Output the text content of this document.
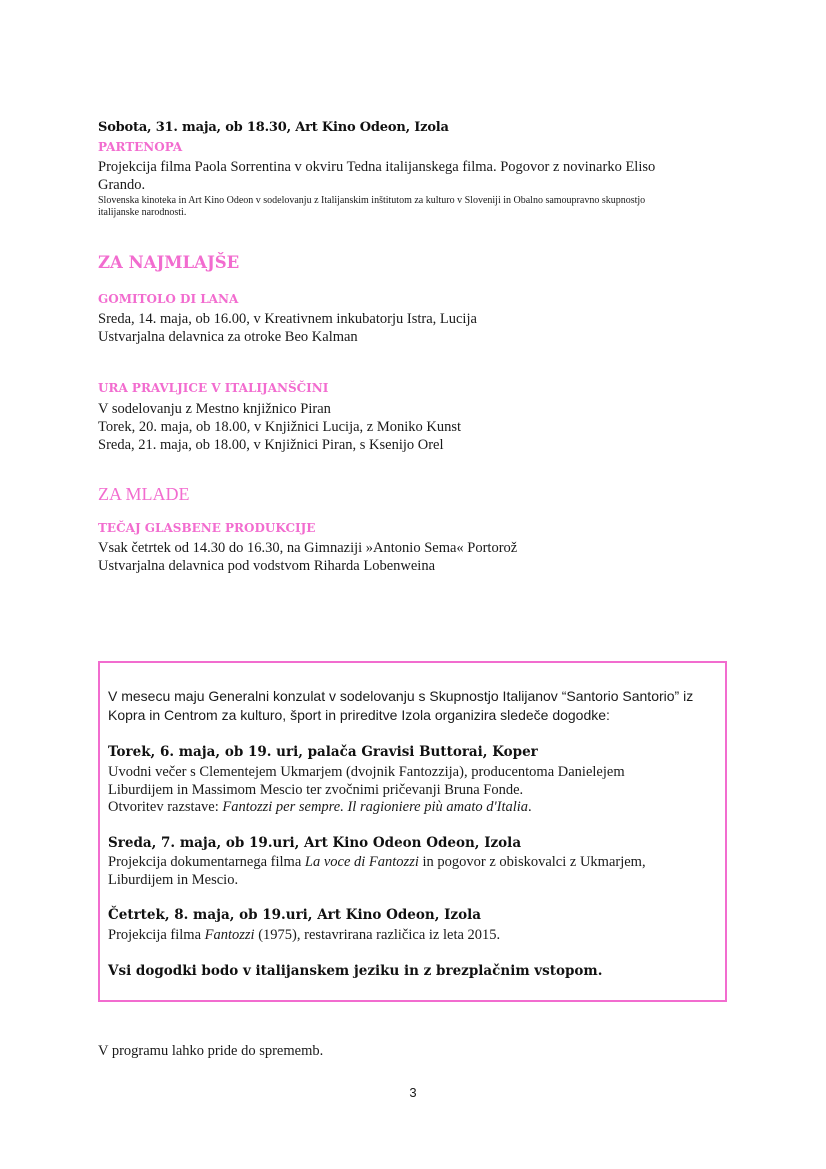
Sobota, 31. maja, ob 18.30, Art Kino Odeon, Izola

PARTENOPA

Projekcija filma Paola Sorrentina v okviru Tedna italijanskega filma. Pogovor z novinarko Eliso

Grando.

Slovenska kinoteka in Art Kino Odeon v sodelovanju z Italijanskim inštitutom za kulturo v Sloveniji in Obalno samoupravno skupnostjo

italijanske narodnosti.

ZA NAJMLAJŠE

GOMITOLO DI LANA

Sreda, 14. maja, ob 16.00, v Kreativnem inkubatorju Istra, Lucija

Ustvarjalna delavnica za otroke Beo Kalman

URA PRAVLJICE V ITALIJANŠČINI

V sodelovanju z Mestno knjižnico Piran

Torek, 20. maja, ob 18.00, v Knjižnici Lucija, z Moniko Kunst

Sreda, 21. maja, ob 18.00, v Knjižnici Piran, s Ksenijo Orel

ZA MLADE

TEČAJ GLASBENE PRODUKCIJE

Vsak četrtek od 14.30 do 16.30, na Gimnaziji »Antonio Sema« Portorož

Ustvarjalna delavnica pod vodstvom Riharda Lobenweina

V mesecu maju Generalni konzulat v sodelovanju s Skupnostjo Italijanov “Santorio Santorio” iz

Kopra in Centrom za kulturo, šport in prireditve Izola organizira sledeče dogodke:

Torek, 6. maja, ob 19. uri, palača Gravisi Buttorai, Koper

Uvodni večer s Clementejem Ukmarjem (dvojnik Fantozzija), producentoma Danielejem

Liburdijem in Massimom Mescio ter zvočnimi pričevanji Bruna Fonde.

Otvoritev razstave: Fantozzi per sempre. Il ragioniere più amato d'Italia.

Sreda, 7. maja, ob 19.uri, Art Kino Odeon Odeon, Izola

Projekcija dokumentarnega filma La voce di Fantozzi in pogovor z obiskovalci z Ukmarjem,

Liburdijem in Mescio.

Četrtek, 8. maja, ob 19.uri, Art Kino Odeon, Izola

Projekcija filma Fantozzi (1975), restavrirana različica iz leta 2015.

Vsi dogodki bodo v italijanskem jeziku in z brezplačnim vstopom.

V programu lahko pride do sprememb.

3
